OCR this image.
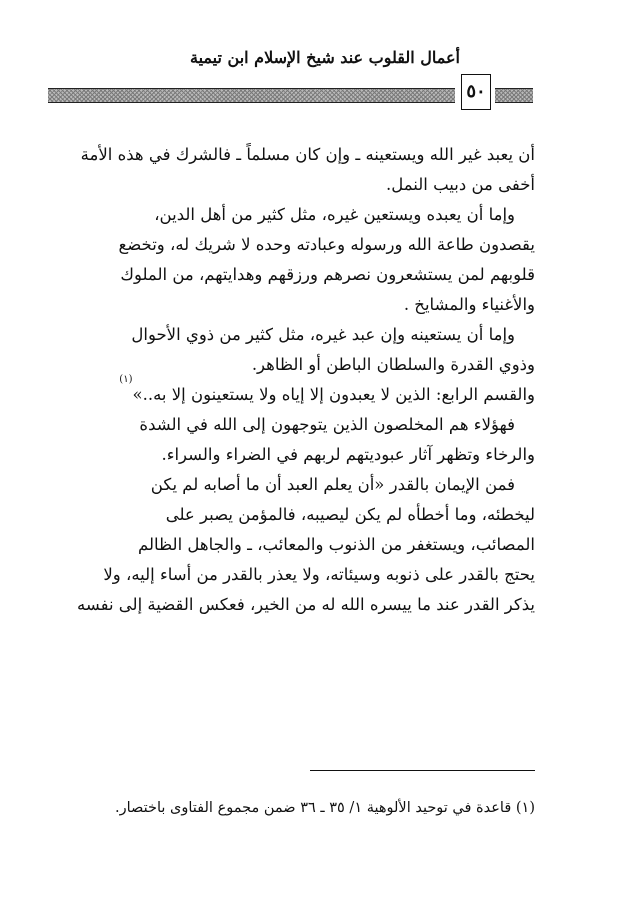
أعمال القلوب عند شيخ الإسلام ابن تيمية
٥٠
أن يعبد غير الله ويستعينه ـ وإن كان مسلماً ـ فالشرك في هذه الأمة
أخفى من دبيب النمل.
وإما أن يعبده ويستعين غيره، مثل كثير من أهل الدين،
يقصدون طاعة الله ورسوله وعبادته وحده لا شريك له، وتخضع
قلوبهم لمن يستشعرون نصرهم ورزقهم وهدايتهم، من الملوك
والأغنياء والمشايخ .
وإما أن يستعينه وإن عبد غيره، مثل كثير من ذوي الأحوال
وذوي القدرة والسلطان الباطن أو الظاهر.
والقسم الرابع: الذين لا يعبدون إلا إياه ولا يستعينون إلا به..»$^{(١)}$
فهؤلاء هم المخلصون الذين يتوجهون إلى الله في الشدة
والرخاء وتظهر آثار عبوديتهم لربهم في الضراء والسراء.
فمن الإيمان بالقدر «أن يعلم العبد أن ما أصابه لم يكن
ليخطئه، وما أخطأه لم يكن ليصيبه، فالمؤمن يصبر على
المصائب، ويستغفر من الذنوب والمعائب، ـ والجاهل الظالم
يحتج بالقدر على ذنوبه وسيئاته، ولا يعذر بالقدر من أساء إليه، ولا
يذكر القدر عند ما ييسره الله له من الخير، فعكس القضية إلى نفسه
(١) قاعدة في توحيد الألوهية ١/ ٣٥ ـ ٣٦ ضمن مجموع الفتاوى باختصار.
